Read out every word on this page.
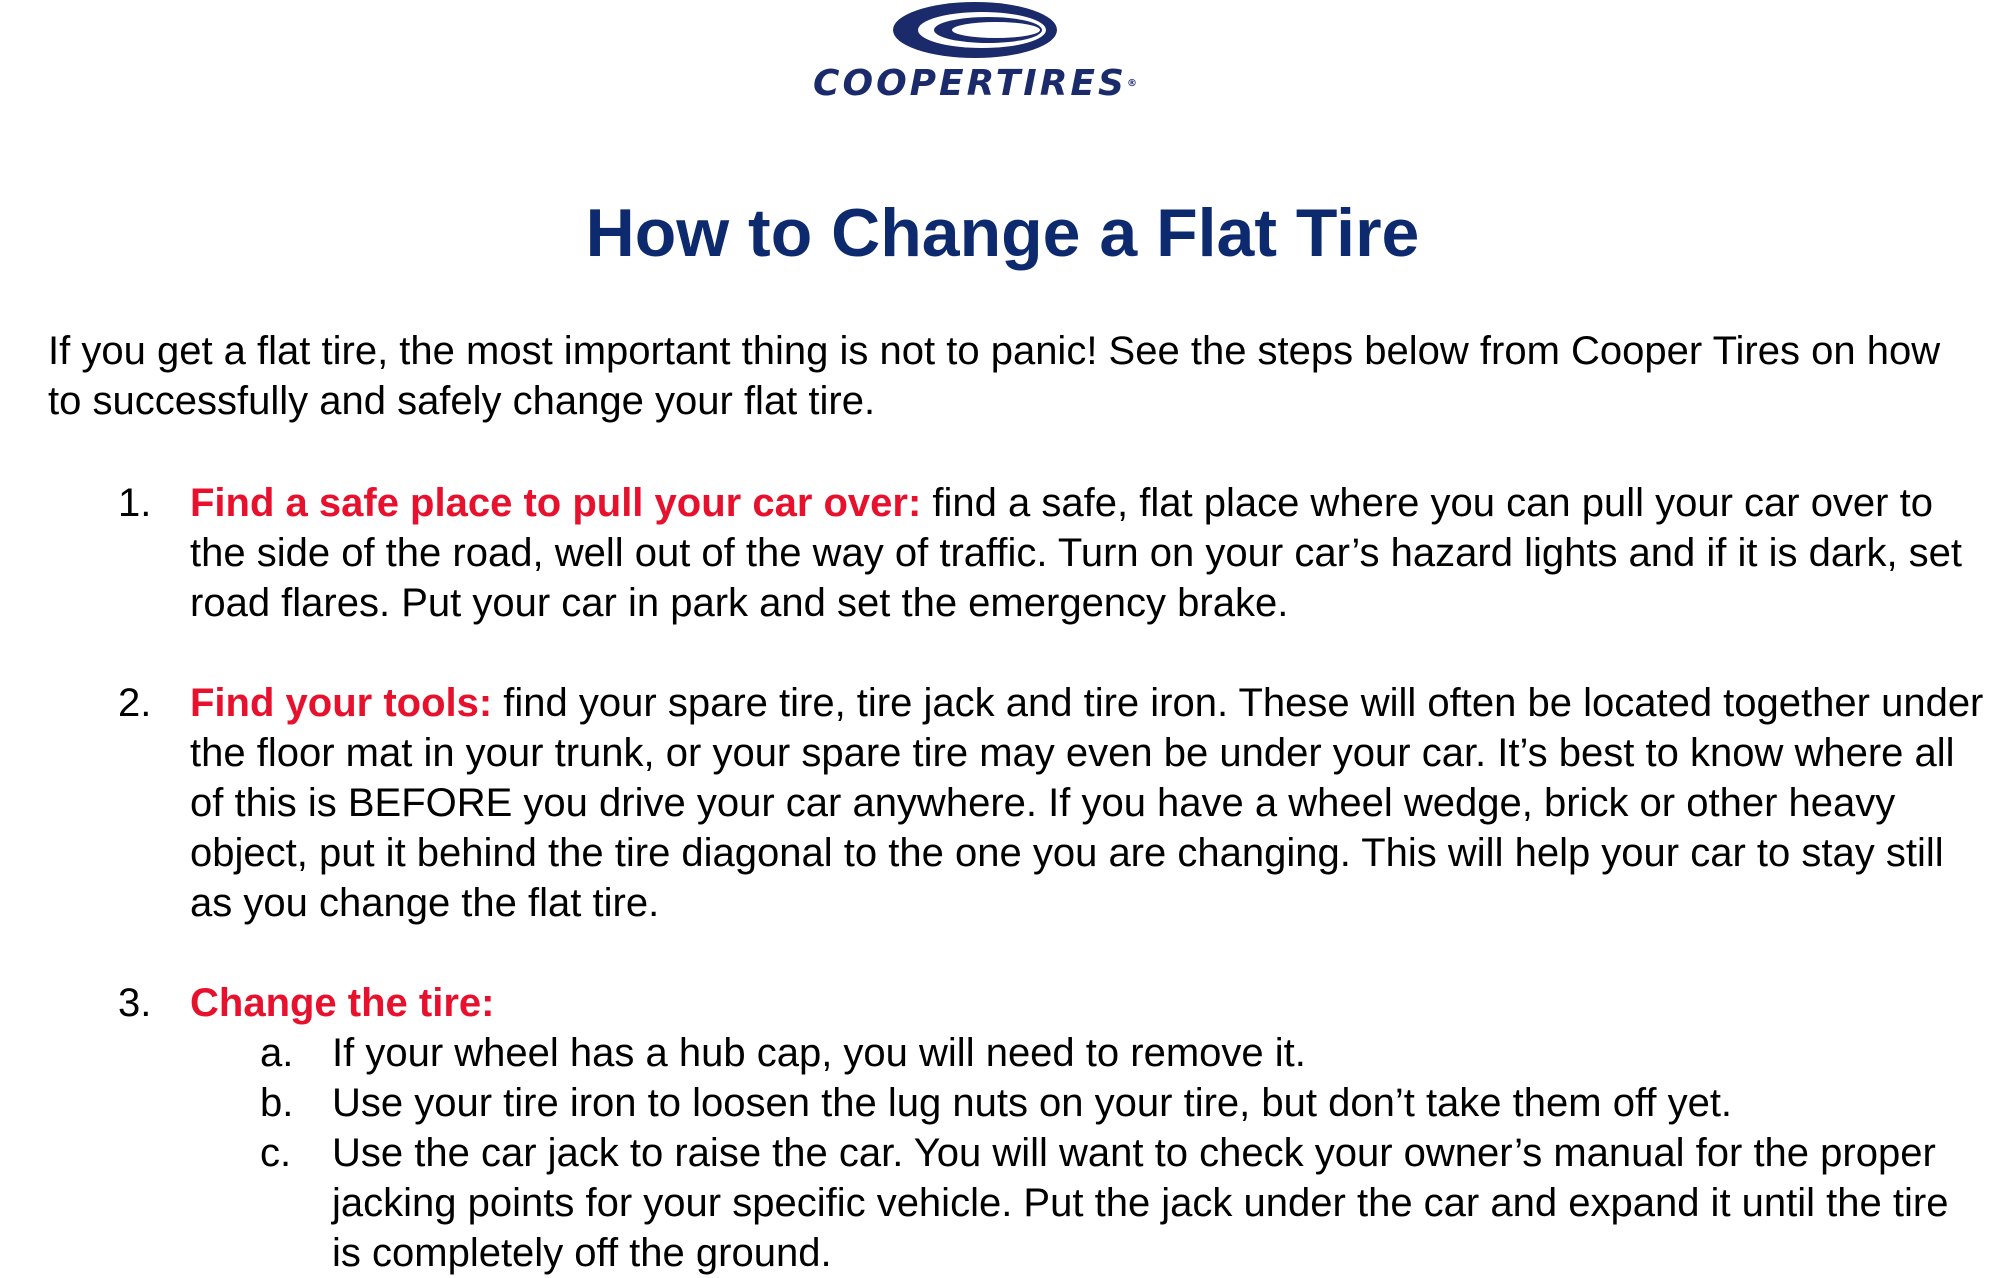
COOPERTIRES®
How to Change a Flat Tire
If you get a flat tire, the most important thing is not to panic! See the steps below from Cooper Tires on how to successfully and safely change your flat tire.
1. Find a safe place to pull your car over: find a safe, flat place where you can pull your car over to the side of the road, well out of the way of traffic. Turn on your car’s hazard lights and if it is dark, set road flares. Put your car in park and set the emergency brake.
2. Find your tools: find your spare tire, tire jack and tire iron. These will often be located together under the floor mat in your trunk, or your spare tire may even be under your car. It’s best to know where all of this is BEFORE you drive your car anywhere. If you have a wheel wedge, brick or other heavy object, put it behind the tire diagonal to the one you are changing. This will help your car to stay still as you change the flat tire.
3. Change the tire:
a. If your wheel has a hub cap, you will need to remove it.
b. Use your tire iron to loosen the lug nuts on your tire, but don’t take them off yet.
c. Use the car jack to raise the car. You will want to check your owner’s manual for the proper jacking points for your specific vehicle. Put the jack under the car and expand it until the tire is completely off the ground.
